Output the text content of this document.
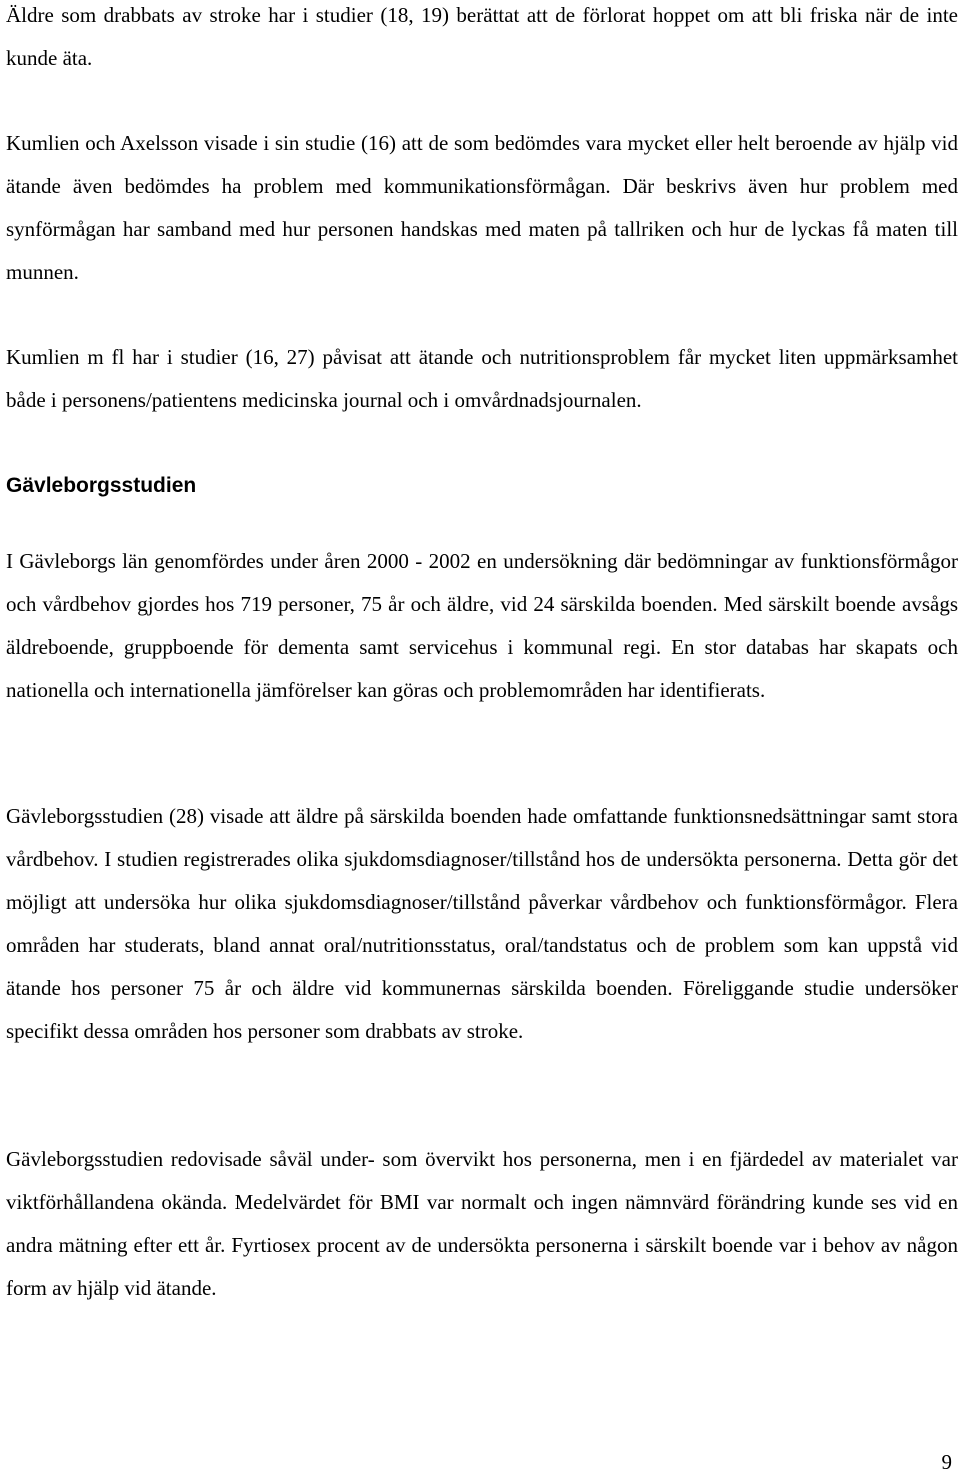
Äldre som drabbats av stroke har i studier (18, 19) berättat att de förlorat hoppet om att bli friska när de inte kunde äta.

Kumlien och Axelsson visade i sin studie (16) att de som bedömdes vara mycket eller helt beroende av hjälp vid ätande även bedömdes ha problem med kommunikationsförmågan. Där beskrivs även hur problem med synförmågan har samband med hur personen handskas med maten på tallriken och hur de lyckas få maten till munnen.

Kumlien m fl har i studier (16, 27) påvisat att ätande och nutritionsproblem får mycket liten uppmärksamhet både i personens/patientens medicinska journal och i omvårdnadsjournalen.

Gävleborgsstudien

I Gävleborgs län genomfördes under åren 2000 - 2002 en undersökning där bedömningar av funktionsförmågor och vårdbehov gjordes hos 719 personer, 75 år och äldre, vid 24 särskilda boenden. Med särskilt boende avsågs äldreboende, gruppboende för dementa samt servicehus i kommunal regi. En stor databas har skapats och nationella och internationella jämförelser kan göras och problemområden har identifierats.

Gävleborgsstudien (28) visade att äldre på särskilda boenden hade omfattande funktionsnedsättningar samt stora vårdbehov. I studien registrerades olika sjukdomsdiagnoser/tillstånd hos de undersökta personerna. Detta gör det möjligt att undersöka hur olika sjukdomsdiagnoser/tillstånd påverkar vårdbehov och funktionsförmågor. Flera områden har studerats, bland annat oral/nutritionsstatus, oral/tandstatus och de problem som kan uppstå vid ätande hos personer 75 år och äldre vid kommunernas särskilda boenden. Föreliggande studie undersöker specifikt dessa områden hos personer som drabbats av stroke.

Gävleborgsstudien redovisade såväl under- som övervikt hos personerna, men i en fjärdedel av materialet var viktförhållandena okända. Medelvärdet för BMI var normalt och ingen nämnvärd förändring kunde ses vid en andra mätning efter ett år. Fyrtiosex procent av de undersökta personerna i särskilt boende var i behov av någon form av hjälp vid ätande.

9
